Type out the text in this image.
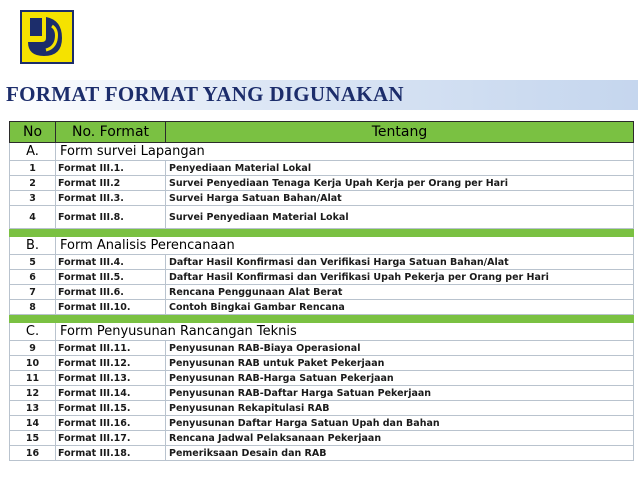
FORMAT FORMAT YANG DIGUNAKAN
No	No. Format	Tentang
A.	Form survei Lapangan	
1	Format III.1.	Penyediaan Material Lokal
2	Format III.2	Survei Penyediaan Tenaga Kerja Upah Kerja per Orang per Hari
3	Format III.3.	Survei Harga Satuan Bahan/Alat
4	Format III.8.	Survei Penyediaan Material Lokal

B.	Form Analisis Perencanaan	
5	Format III.4.	Daftar Hasil Konfirmasi dan Verifikasi Harga Satuan Bahan/Alat
6	Format III.5.	Daftar Hasil Konfirmasi dan Verifikasi Upah Pekerja per Orang per Hari
7	Format III.6.	Rencana Penggunaan Alat Berat
8	Format III.10.	Contoh Bingkai Gambar Rencana

C.	Form Penyusunan Rancangan Teknis	
9	Format III.11.	Penyusunan RAB-Biaya Operasional
10	Format III.12.	Penyusunan RAB untuk Paket Pekerjaan
11	Format III.13.	Penyusunan RAB-Harga Satuan Pekerjaan
12	Format III.14.	Penyusunan RAB-Daftar Harga Satuan Pekerjaan
13	Format III.15.	Penyusunan Rekapitulasi RAB
14	Format III.16.	Penyusunan Daftar Harga Satuan Upah dan Bahan
15	Format III.17.	Rencana Jadwal Pelaksanaan Pekerjaan
16	Format III.18.	Pemeriksaan Desain dan RAB
